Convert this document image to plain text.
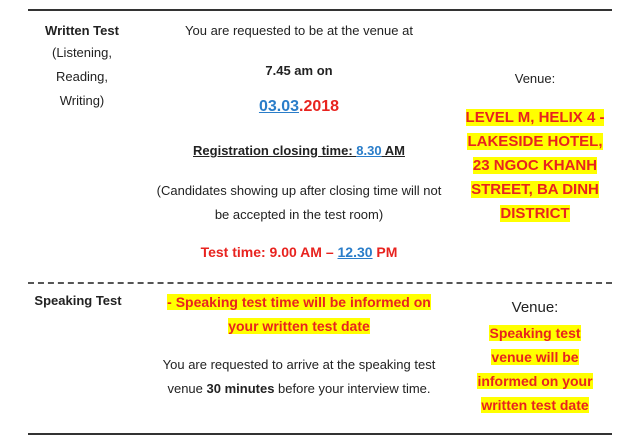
Written Test
(Listening,
Reading,
Writing)
You are requested to be at the venue at
7.45 am on
03.03.2018
Registration closing time: 8.30 AM
(Candidates showing up after closing time will not
be accepted in the test room)
Test time: 9.00 AM – 12.30 PM
Venue:
LEVEL M, HELIX 4 -
LAKESIDE HOTEL,
23 NGOC KHANH
STREET, BA DINH
DISTRICT
Speaking Test	- Speaking test time will be informed on
your written test date
You are requested to arrive at the speaking test
venue 30 minutes before your interview time.
Venue:
Speaking test
venue will be
informed on your
written test date
